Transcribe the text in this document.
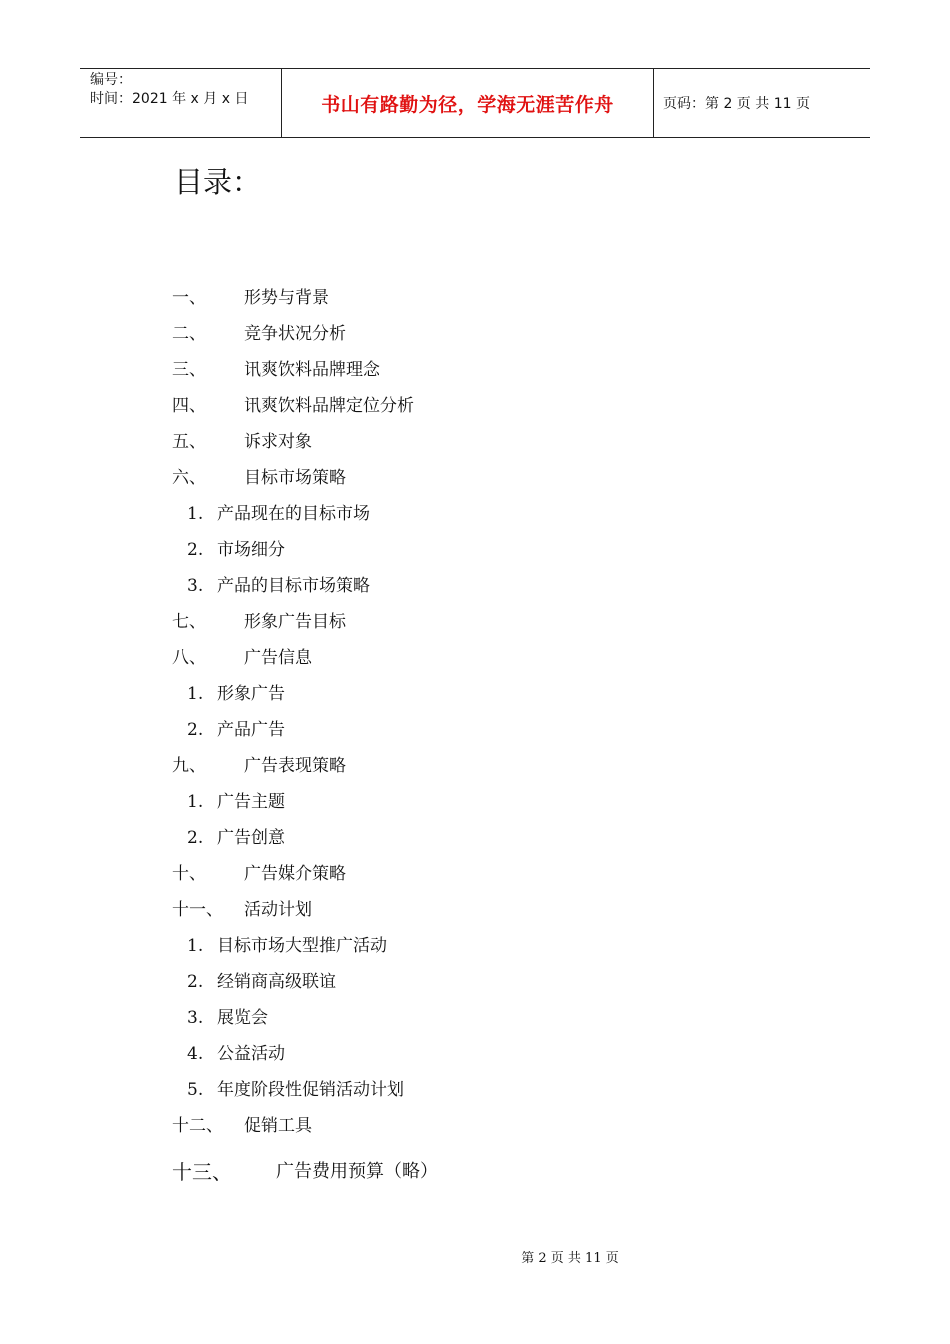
编号：
时间：2021 年 x 月 x 日	书山有路勤为径，学海无涯苦作舟	页码：第 2 页 共 11 页
目录：
一、 形势与背景
二、 竞争状况分析
三、 讯爽饮料品牌理念
四、 讯爽饮料品牌定位分析
五、 诉求对象
六、 目标市场策略
1. 产品现在的目标市场
2. 市场细分
3. 产品的目标市场策略
七、 形象广告目标
八、 广告信息
1. 形象广告
2. 产品广告
九、 广告表现策略
1. 广告主题
2. 广告创意
十、 广告媒介策略
十一、 活动计划
1. 目标市场大型推广活动
2. 经销商高级联谊
3. 展览会
4. 公益活动
5. 年度阶段性促销活动计划
十二、 促销工具
十三、 广告费用预算（略）
第 2 页 共 11 页
